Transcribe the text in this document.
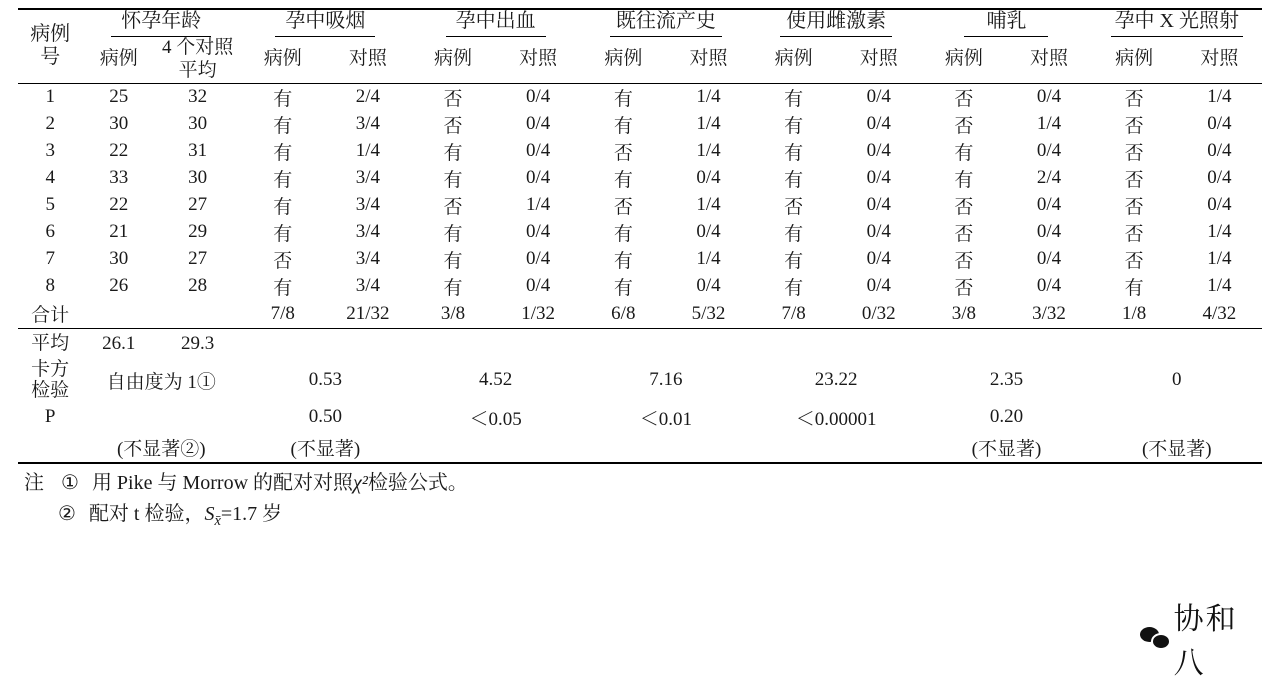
病例
号	怀孕年龄		孕中吸烟		孕中出血		既往流产史		使用雌激素		哺乳		孕中 X 光照射	
	病例	4 个对照平均	病例	对照	病例	对照	病例	对照	病例	对照	病例	对照	病例	对照
1	25	32	有	2/4	否	0/4	有	1/4	有	0/4	否	0/4	否	1/4
2	30	30	有	3/4	否	0/4	有	1/4	有	0/4	否	1/4	否	0/4
3	22	31	有	1/4	有	0/4	否	1/4	有	0/4	有	0/4	否	0/4
4	33	30	有	3/4	有	0/4	有	0/4	有	0/4	有	2/4	否	0/4
5	22	27	有	3/4	否	1/4	否	1/4	否	0/4	否	0/4	否	0/4
6	21	29	有	3/4	有	0/4	有	0/4	有	0/4	否	0/4	否	1/4
7	30	27	否	3/4	有	0/4	有	1/4	有	0/4	否	0/4	否	1/4
8	26	28	有	3/4	有	0/4	有	0/4	有	0/4	否	0/4	有	1/4
合计			7/8	21/32	3/8	1/32	6/8	5/32	7/8	0/32	3/8	3/32	1/8	4/32
平均	26.1	29.3												

卡方
检验	自由度为 1①		0.53		4.52		7.16		23.22		2.35		0	
P			0.50		＜0.05		＜0.01		＜0.00001		0.20			
	(不显著②)		(不显著)								(不显著)		(不显著)	
注 ① 用 Pike 与 Morrow 的配对对照χ²检验公式。
② 配对 t 检验，$S_{x̄}=1.7$ 岁
协和八
